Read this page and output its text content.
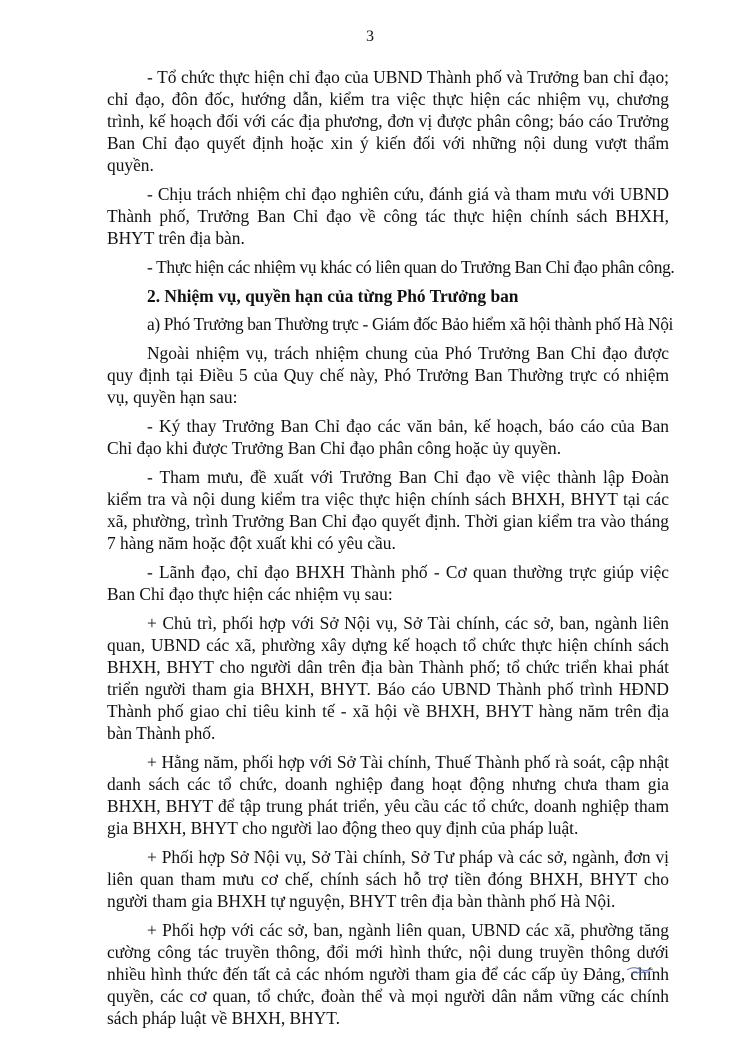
3

- Tổ chức thực hiện chỉ đạo của UBND Thành phố và Trưởng ban chỉ đạo; chỉ đạo, đôn đốc, hướng dẫn, kiểm tra việc thực hiện các nhiệm vụ, chương trình, kế hoạch đối với các địa phương, đơn vị được phân công; báo cáo Trưởng Ban Chỉ đạo quyết định hoặc xin ý kiến đối với những nội dung vượt thẩm quyền.

- Chịu trách nhiệm chỉ đạo nghiên cứu, đánh giá và tham mưu với UBND Thành phố, Trưởng Ban Chỉ đạo về công tác thực hiện chính sách BHXH, BHYT trên địa bàn.

- Thực hiện các nhiệm vụ khác có liên quan do Trưởng Ban Chỉ đạo phân công.

2. Nhiệm vụ, quyền hạn của từng Phó Trưởng ban

a) Phó Trưởng ban Thường trực - Giám đốc Bảo hiểm xã hội thành phố Hà Nội

Ngoài nhiệm vụ, trách nhiệm chung của Phó Trưởng Ban Chỉ đạo được quy định tại Điều 5 của Quy chế này, Phó Trưởng Ban Thường trực có nhiệm vụ, quyền hạn sau:

- Ký thay Trưởng Ban Chỉ đạo các văn bản, kế hoạch, báo cáo của Ban Chỉ đạo khi được Trưởng Ban Chỉ đạo phân công hoặc ủy quyền.

- Tham mưu, đề xuất với Trưởng Ban Chỉ đạo về việc thành lập Đoàn kiểm tra và nội dung kiểm tra việc thực hiện chính sách BHXH, BHYT tại các xã, phường, trình Trưởng Ban Chỉ đạo quyết định. Thời gian kiểm tra vào tháng 7 hàng năm hoặc đột xuất khi có yêu cầu.

- Lãnh đạo, chỉ đạo BHXH Thành phố - Cơ quan thường trực giúp việc Ban Chỉ đạo thực hiện các nhiệm vụ sau:

+ Chủ trì, phối hợp với Sở Nội vụ, Sở Tài chính, các sở, ban, ngành liên quan, UBND các xã, phường xây dựng kế hoạch tổ chức thực hiện chính sách BHXH, BHYT cho người dân trên địa bàn Thành phố; tổ chức triển khai phát triển người tham gia BHXH, BHYT. Báo cáo UBND Thành phố trình HĐND Thành phố giao chỉ tiêu kinh tế - xã hội về BHXH, BHYT hàng năm trên địa bàn Thành phố.

+ Hằng năm, phối hợp với Sở Tài chính, Thuế Thành phố rà soát, cập nhật danh sách các tổ chức, doanh nghiệp đang hoạt động nhưng chưa tham gia BHXH, BHYT để tập trung phát triển, yêu cầu các tổ chức, doanh nghiệp tham gia BHXH, BHYT cho người lao động theo quy định của pháp luật.

+ Phối hợp Sở Nội vụ, Sở Tài chính, Sở Tư pháp và các sở, ngành, đơn vị liên quan tham mưu cơ chế, chính sách hỗ trợ tiền đóng BHXH, BHYT cho người tham gia BHXH tự nguyện, BHYT trên địa bàn thành phố Hà Nội.

+ Phối hợp với các sở, ban, ngành liên quan, UBND các xã, phường tăng cường công tác truyền thông, đổi mới hình thức, nội dung truyền thông dưới nhiều hình thức đến tất cả các nhóm người tham gia để các cấp ủy Đảng, chính quyền, các cơ quan, tổ chức, đoàn thể và mọi người dân nắm vững các chính sách pháp luật về BHXH, BHYT.
